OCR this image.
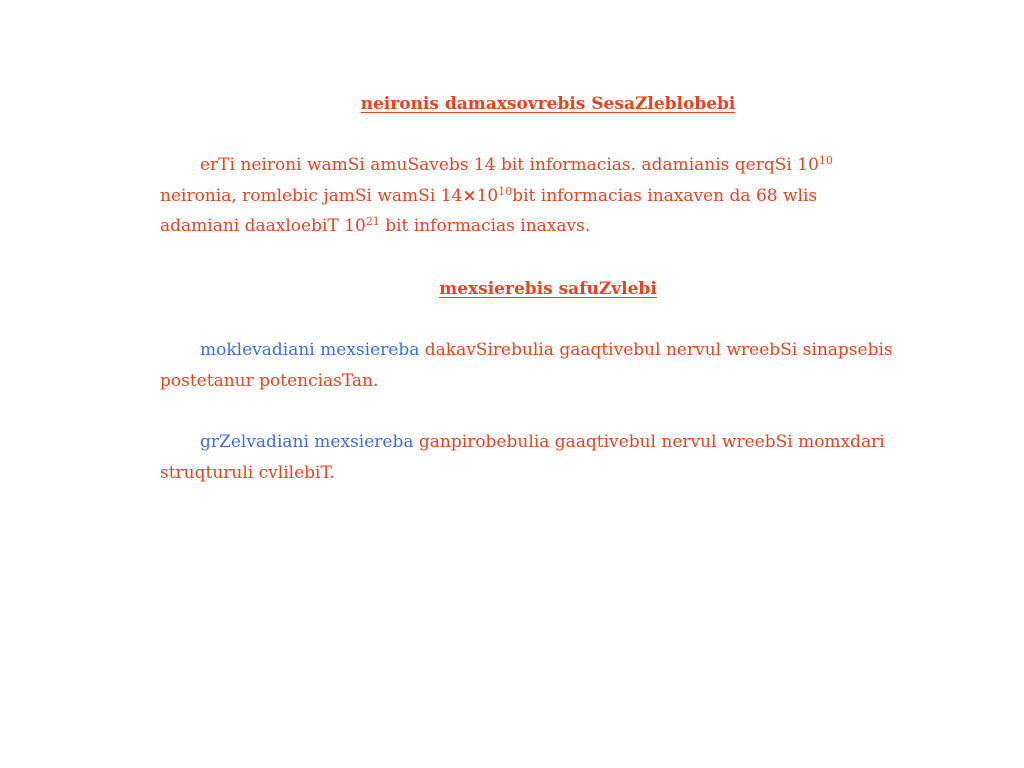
neironis damaxsovrebis SesaZleblobebi
erTi neironi wamSi amuSavebs 14 bit informacias. adamianis qerqSi $10^{10}$ neironia, romlebic jamSi wamSi $14\times 10^{10}bit$ informacias inaxaven da 68 wlis adamiani daaxloebiT $10^{21}$ bit informacias inaxavs.
mexsierebis safuZvlebi
moklevadiani mexsiereba dakavSirebulia gaaqtivebul nervul wreebSi sinapsebis postetanur potenciasTan.
grZelvadiani mexsiereba ganpirobebulia gaaqtivebul nervul wreebSi momxdari struqturuli cvlilebiT.
